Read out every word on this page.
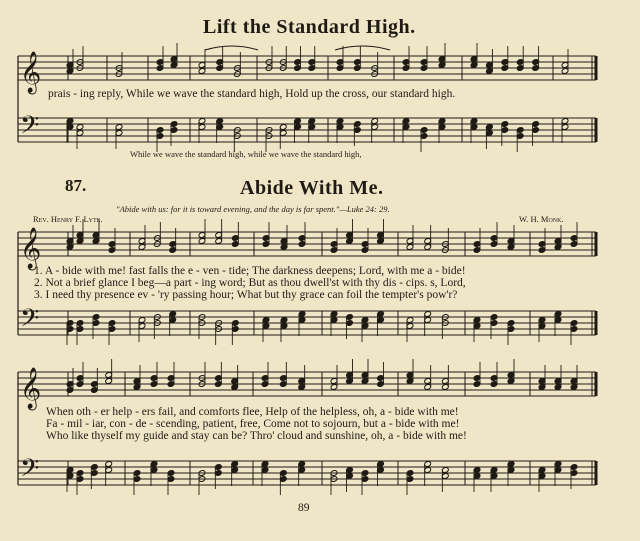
𝄞
𝄢
𝄞
𝄢
𝄞
𝄢
Lift the Standard High.
prais - ing reply, While we wave the standard high, Hold up the cross, our standard high.
While we wave the standard high, while we wave the standard high,
87.	Abide With Me.
"Abide with us: for it is toward evening, and the day is far spent."—Luke 24: 29.
Rev. Henry F. Lyte.	W. H. Monk.
1. A - bide with me! fast falls the e - ven - tide; The darkness deepens; Lord, with me a - bide!
2. Not a brief glance I beg—a part - ing word; But as thou dwell'st with thy dis - cips. s, Lord,
3. I need thy presence ev - 'ry passing hour; What but thy grace can foil the tempter's pow'r?
When oth - er help - ers fail, and comforts flee, Help of the helpless, oh, a - bide with me!
Fa - mil - iar, con - de - scending, patient, free, Come not to sojourn, but a - bide with me!
Who like thyself my guide and stay can be? Thro' cloud and sunshine, oh, a - bide with me!
89
